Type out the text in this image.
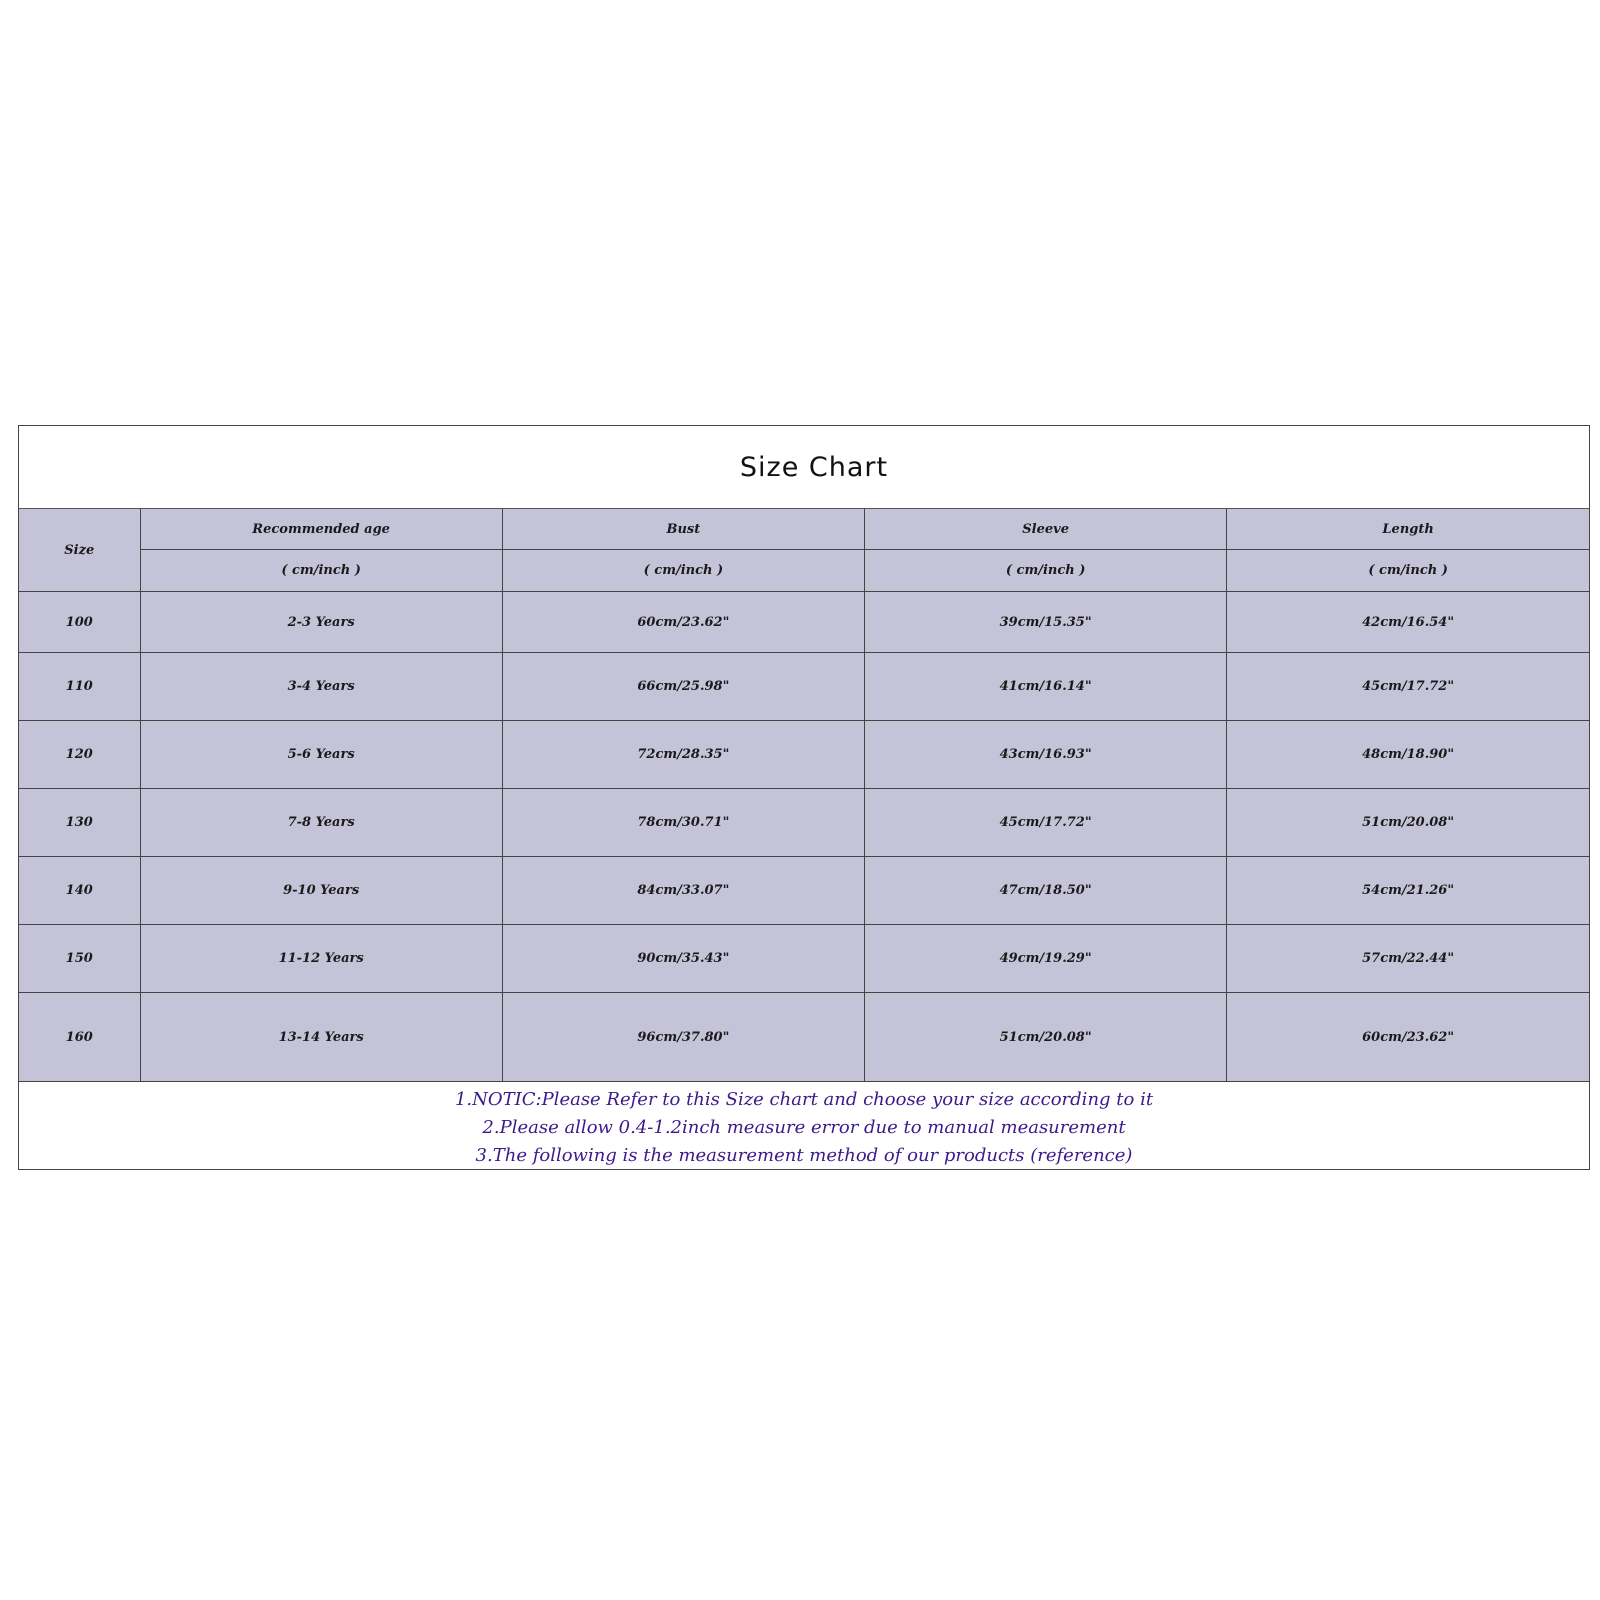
Size Chart
Size	Recommended age	Bust	Sleeve	Length
	( cm/inch )	( cm/inch )	( cm/inch )	( cm/inch )
100	2-3 Years	60cm/23.62"	39cm/15.35"	42cm/16.54"
110	3-4 Years	66cm/25.98"	41cm/16.14"	45cm/17.72"
120	5-6 Years	72cm/28.35"	43cm/16.93"	48cm/18.90"
130	7-8 Years	78cm/30.71"	45cm/17.72"	51cm/20.08"
140	9-10 Years	84cm/33.07"	47cm/18.50"	54cm/21.26"
150	11-12 Years	90cm/35.43"	49cm/19.29"	57cm/22.44"
160	13-14 Years	96cm/37.80"	51cm/20.08"	60cm/23.62"
1.NOTIC:Please Refer to this Size chart and choose your size according to it
2.Please allow 0.4-1.2inch measure error due to manual measurement
3.The following is the measurement method of our products (reference)
